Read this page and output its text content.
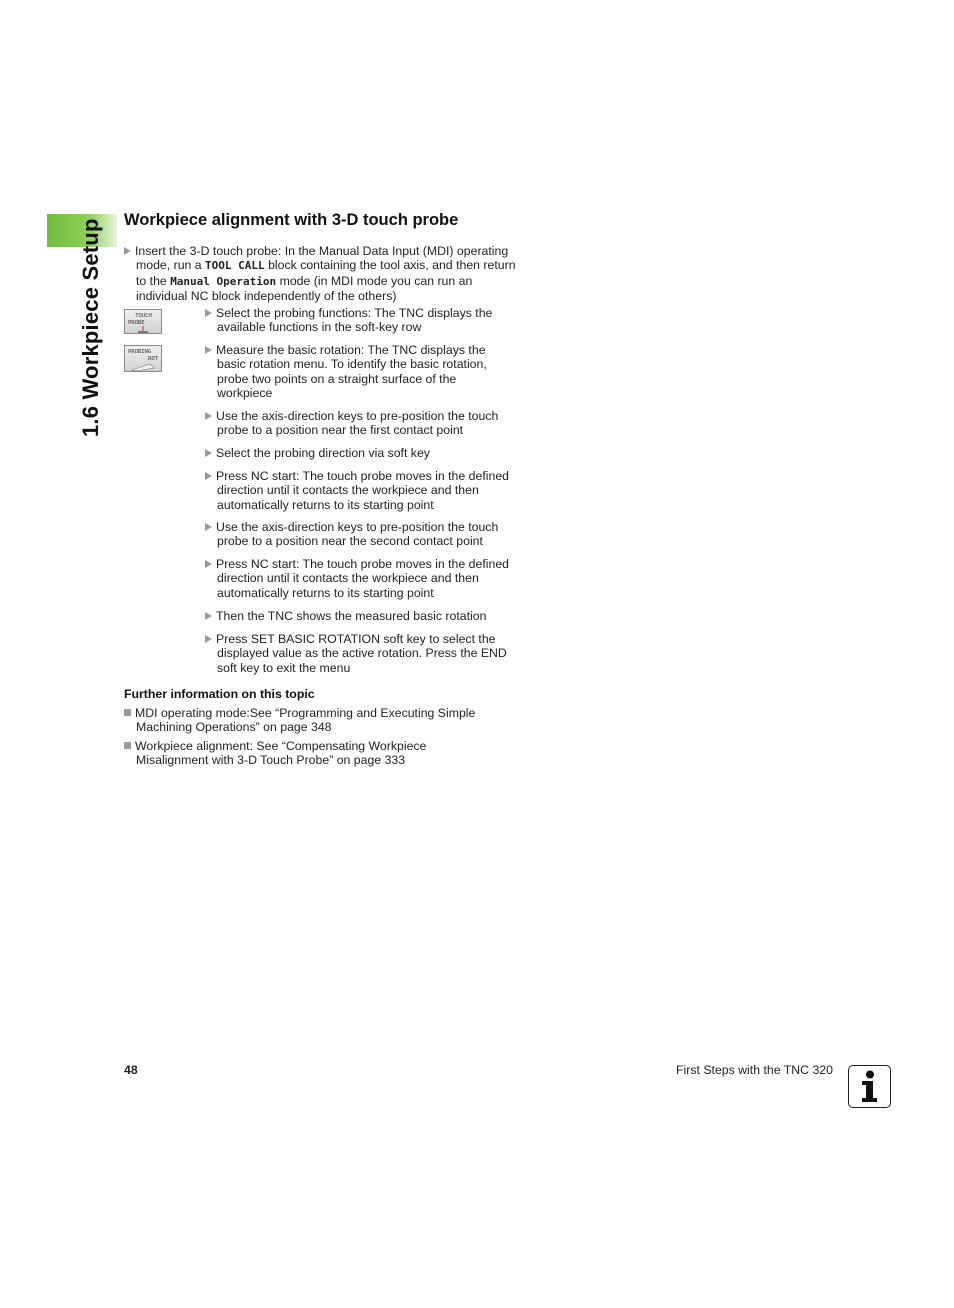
1.6 Workpiece Setup Workpiece alignment with 3-D touch probe
Insert the 3-D touch probe: In the Manual Data Input (MDI) operating
mode, run a TOOL CALL block containing the tool axis, and then return
to the Manual Operation mode (in MDI mode you can run an
individual NC block independently of the others)
TOUCH
PROBE
PROBING
ROT
Select the probing functions: The TNC displays the
available functions in the soft-key row
Measure the basic rotation: The TNC displays the
basic rotation menu. To identify the basic rotation,
probe two points on a straight surface of the
workpiece
Use the axis-direction keys to pre-position the touch
probe to a position near the first contact point
Select the probing direction via soft key
Press NC start: The touch probe moves in the defined
direction until it contacts the workpiece and then
automatically returns to its starting point
Use the axis-direction keys to pre-position the touch
probe to a position near the second contact point
Press NC start: The touch probe moves in the defined
direction until it contacts the workpiece and then
automatically returns to its starting point
Then the TNC shows the measured basic rotation
Press SET BASIC ROTATION soft key to select the
displayed value as the active rotation. Press the END
soft key to exit the menu
Further information on this topic
MDI operating mode:See “Programming and Executing Simple
Machining Operations” on page 348
Workpiece alignment: See “Compensating Workpiece
Misalignment with 3-D Touch Probe” on page 333
48	First Steps with the TNC 320
